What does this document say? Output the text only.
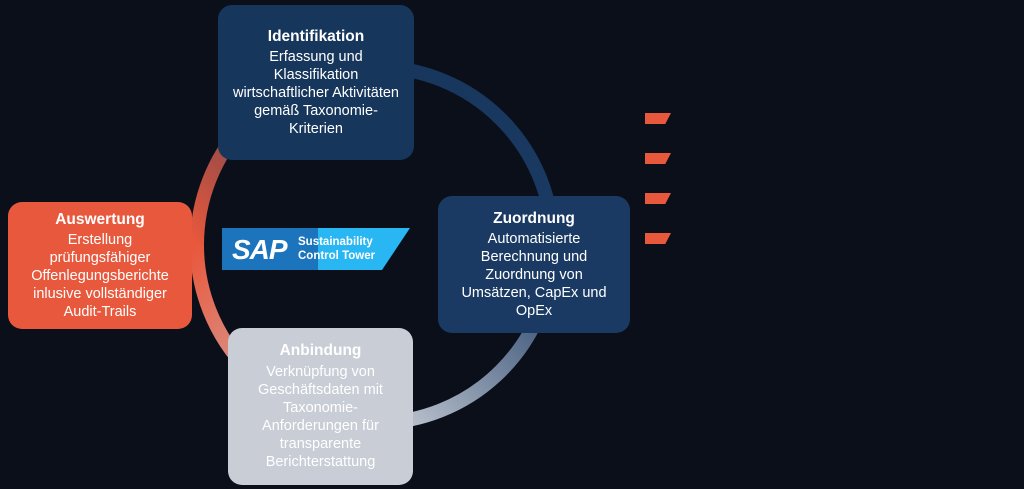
Identifikation
Erfassung und Klassifikation wirtschaftlicher Aktivitäten gemäß Taxonomie-Kriterien
Zuordnung
Automatisierte Berechnung und Zuordnung von Umsätzen, CapEx und OpEx
Anbindung
Verknüpfung von Geschäftsdaten mit Taxonomie-Anforderungen für transparente Berichterstattung
Auswertung
Erstellung prüfungsfähiger Offenlegungsberichte inlusive vollständiger Audit-Trails
SAP Sustainability
Control Tower
